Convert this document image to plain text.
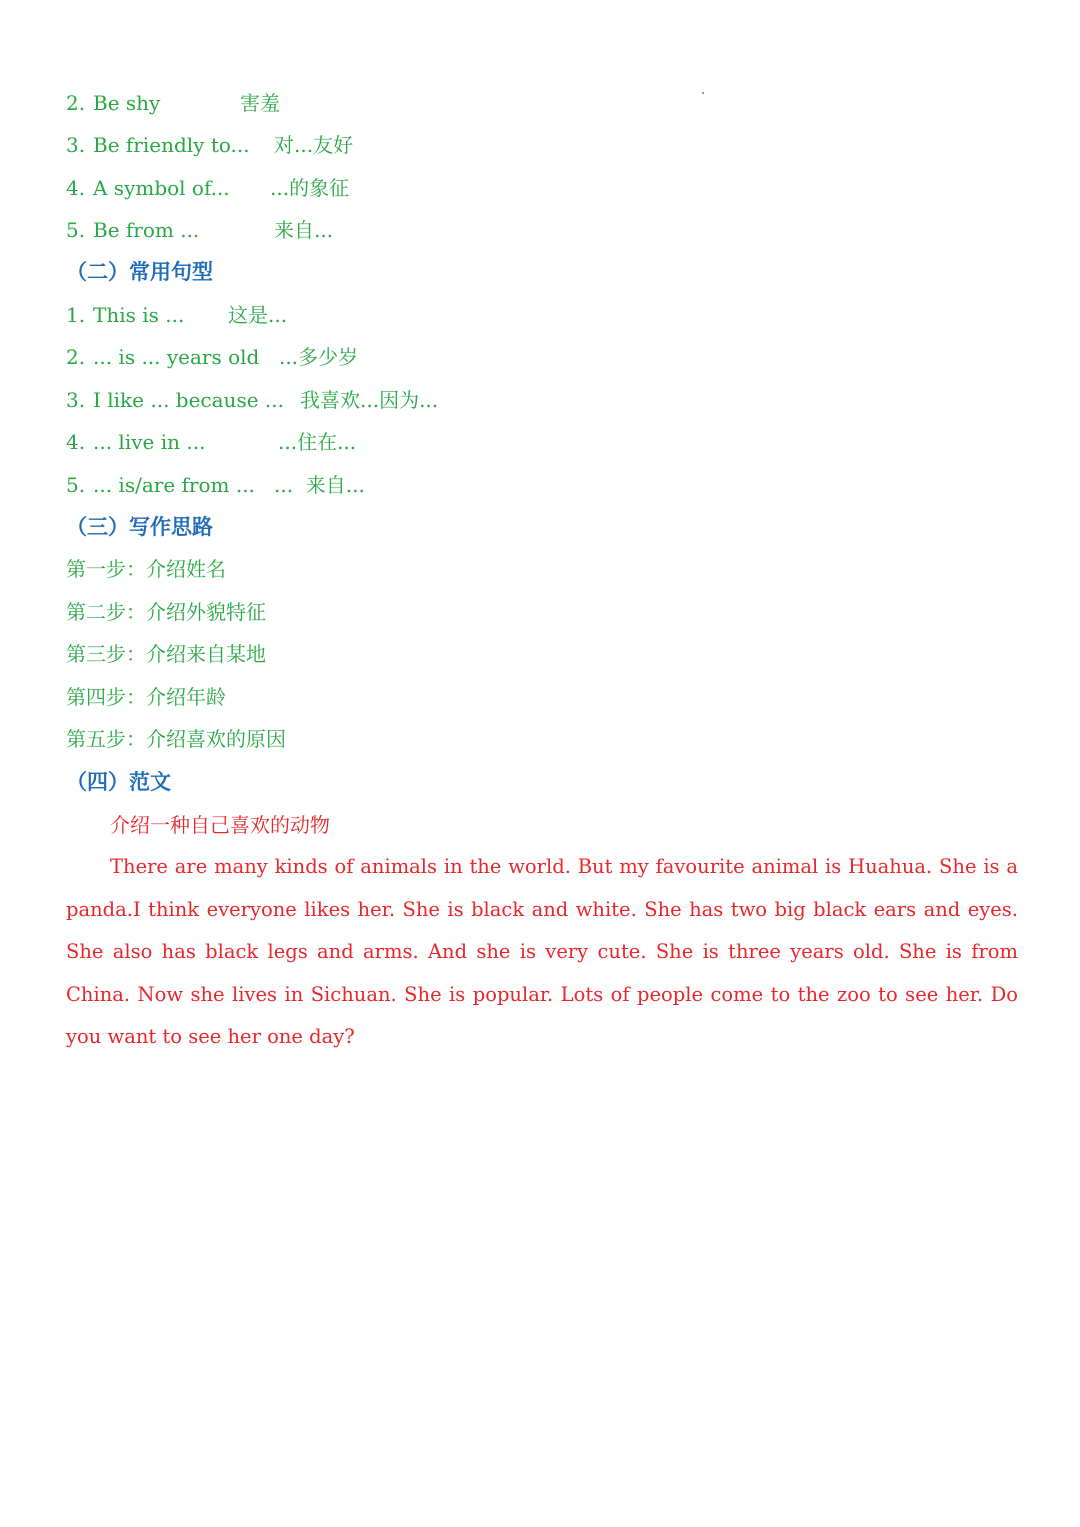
2. Be shy	害羞
3. Be friendly to... 对...友好
4. A symbol of... ...的象征
5. Be from ...	来自...
（二）常用句型
1. This is ... 这是...
2. ... is ... years old ...多少岁
3. I like ... because ... 我喜欢...因为...
4. ... live in ...	...住在...
5. ... is/are from ... ...  来自...
（三）写作思路
第一步：介绍姓名
第二步：介绍外貌特征
第三步：介绍来自某地
第四步：介绍年龄
第五步：介绍喜欢的原因
（四）范文
介绍一种自己喜欢的动物

There are many kinds of animals in the world. But my favourite animal is Huahua. She is a panda.I think everyone likes her. She is black and white. She has two big black ears and eyes. She also has black legs and arms. And she is very cute. She is three years old. She is from China. Now she lives in Sichuan. She is popular. Lots of people come to the zoo to see her. Do you want to see her one day?
